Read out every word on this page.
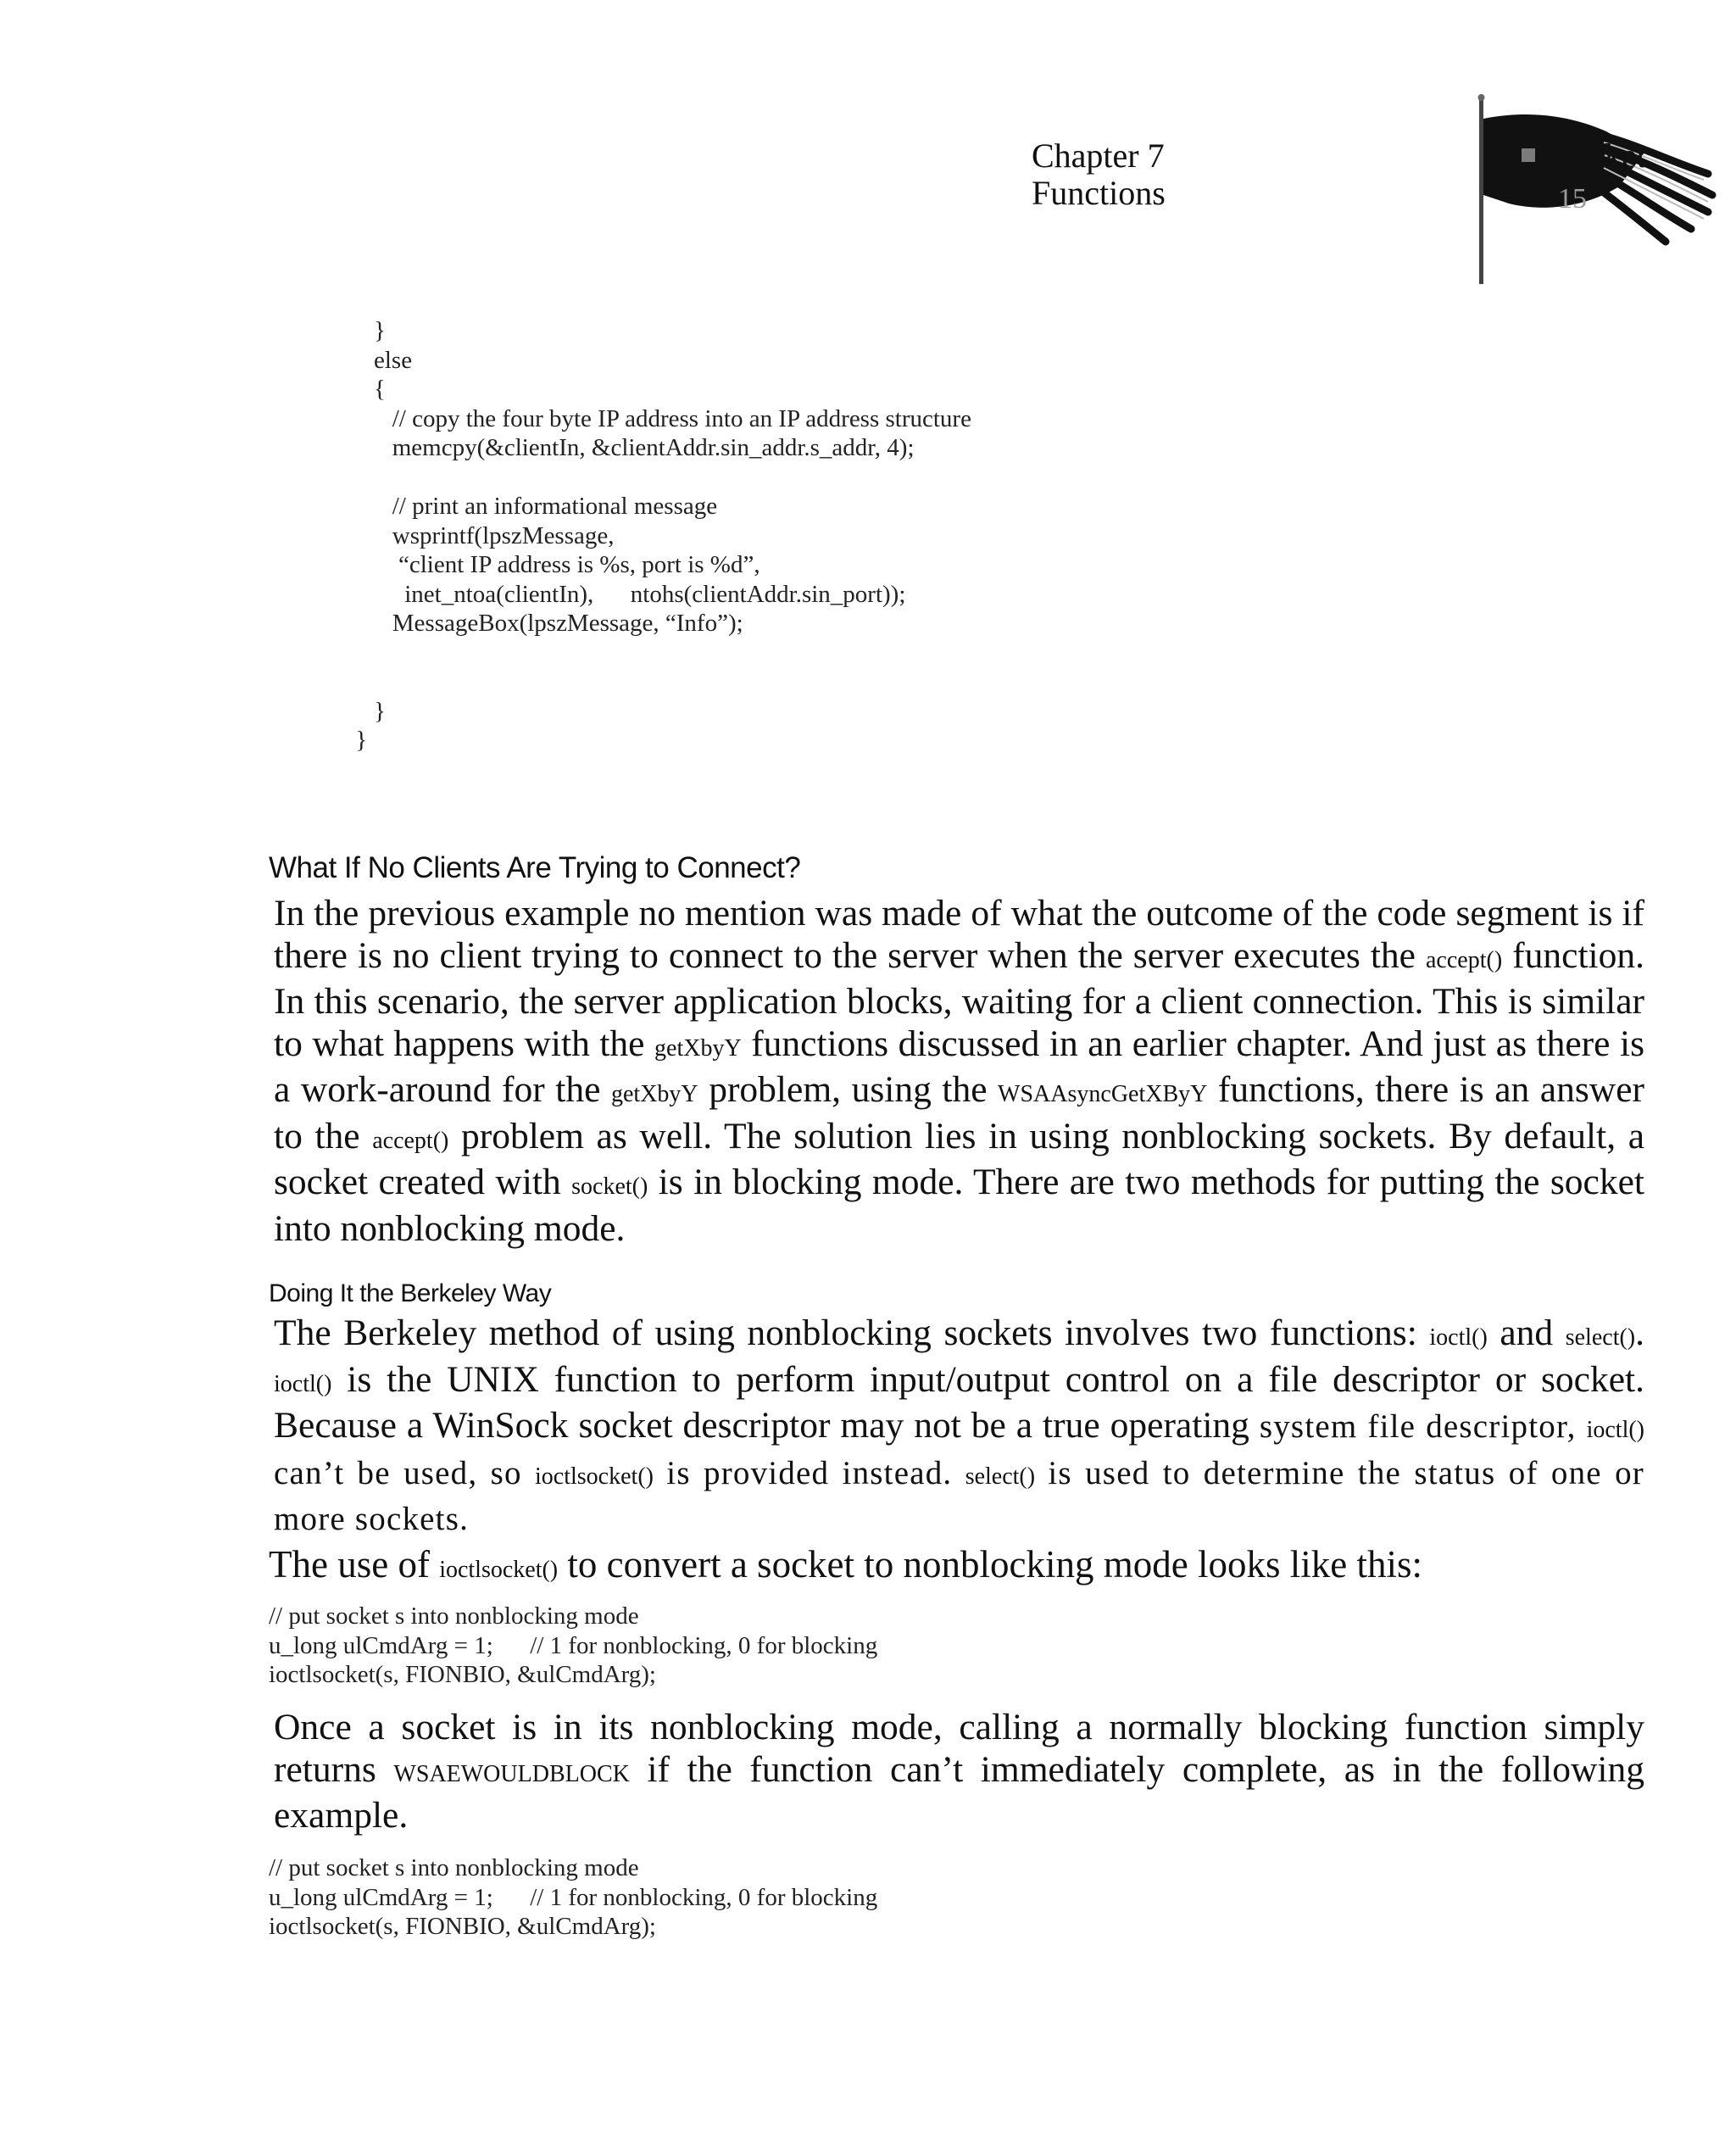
Chapter 7
Functions	15
Socket
}
else
{
// copy the four byte IP address into an IP address structure
memcpy(&clientIn, &clientAddr.sin_addr.s_addr, 4);

// print an informational message
wsprintf(lpszMessage,
“client IP address is %s, port is %d”,
inet_ntoa(clientIn),      ntohs(clientAddr.sin_port));
MessageBox(lpszMessage, “Info”);

}
}
What If No Clients Are Trying to Connect?

In the previous example no mention was made of what the outcome of the code segment is if there is no client trying to connect to the server when the server executes the accept() function. In this scenario, the server application blocks, waiting for a client connection. This is similar to what happens with the getXbyY functions discussed in an earlier chapter. And just as there is a work-around for the getXbyY problem, using the WSAAsyncGetXByY functions, there is an answer to the accept() problem as well. The solution lies in using nonblocking sockets. By default, a socket created with socket() is in blocking mode. There are two methods for putting the socket into nonblocking mode.

Doing It the Berkeley Way

The Berkeley method of using nonblocking sockets involves two functions: ioctl() and select(). ioctl() is the UNIX function to perform input/output control on a file descriptor or socket. Because a WinSock socket descriptor may not be a true operating system file descriptor, ioctl() can’t be used, so ioctlsocket() is provided instead. select() is used to determine the status of one or more sockets.

The use of ioctlsocket() to convert a socket to nonblocking mode looks like this:
// put socket s into nonblocking mode
u_long ulCmdArg = 1;      // 1 for nonblocking, 0 for blocking
ioctlsocket(s, FIONBIO, &ulCmdArg);

Once a socket is in its nonblocking mode, calling a normally blocking function simply returns WSAEWOULDBLOCK if the function can’t immediately complete, as in the following example.

// put socket s into nonblocking mode
u_long ulCmdArg = 1;      // 1 for nonblocking, 0 for blocking
ioctlsocket(s, FIONBIO, &ulCmdArg);
